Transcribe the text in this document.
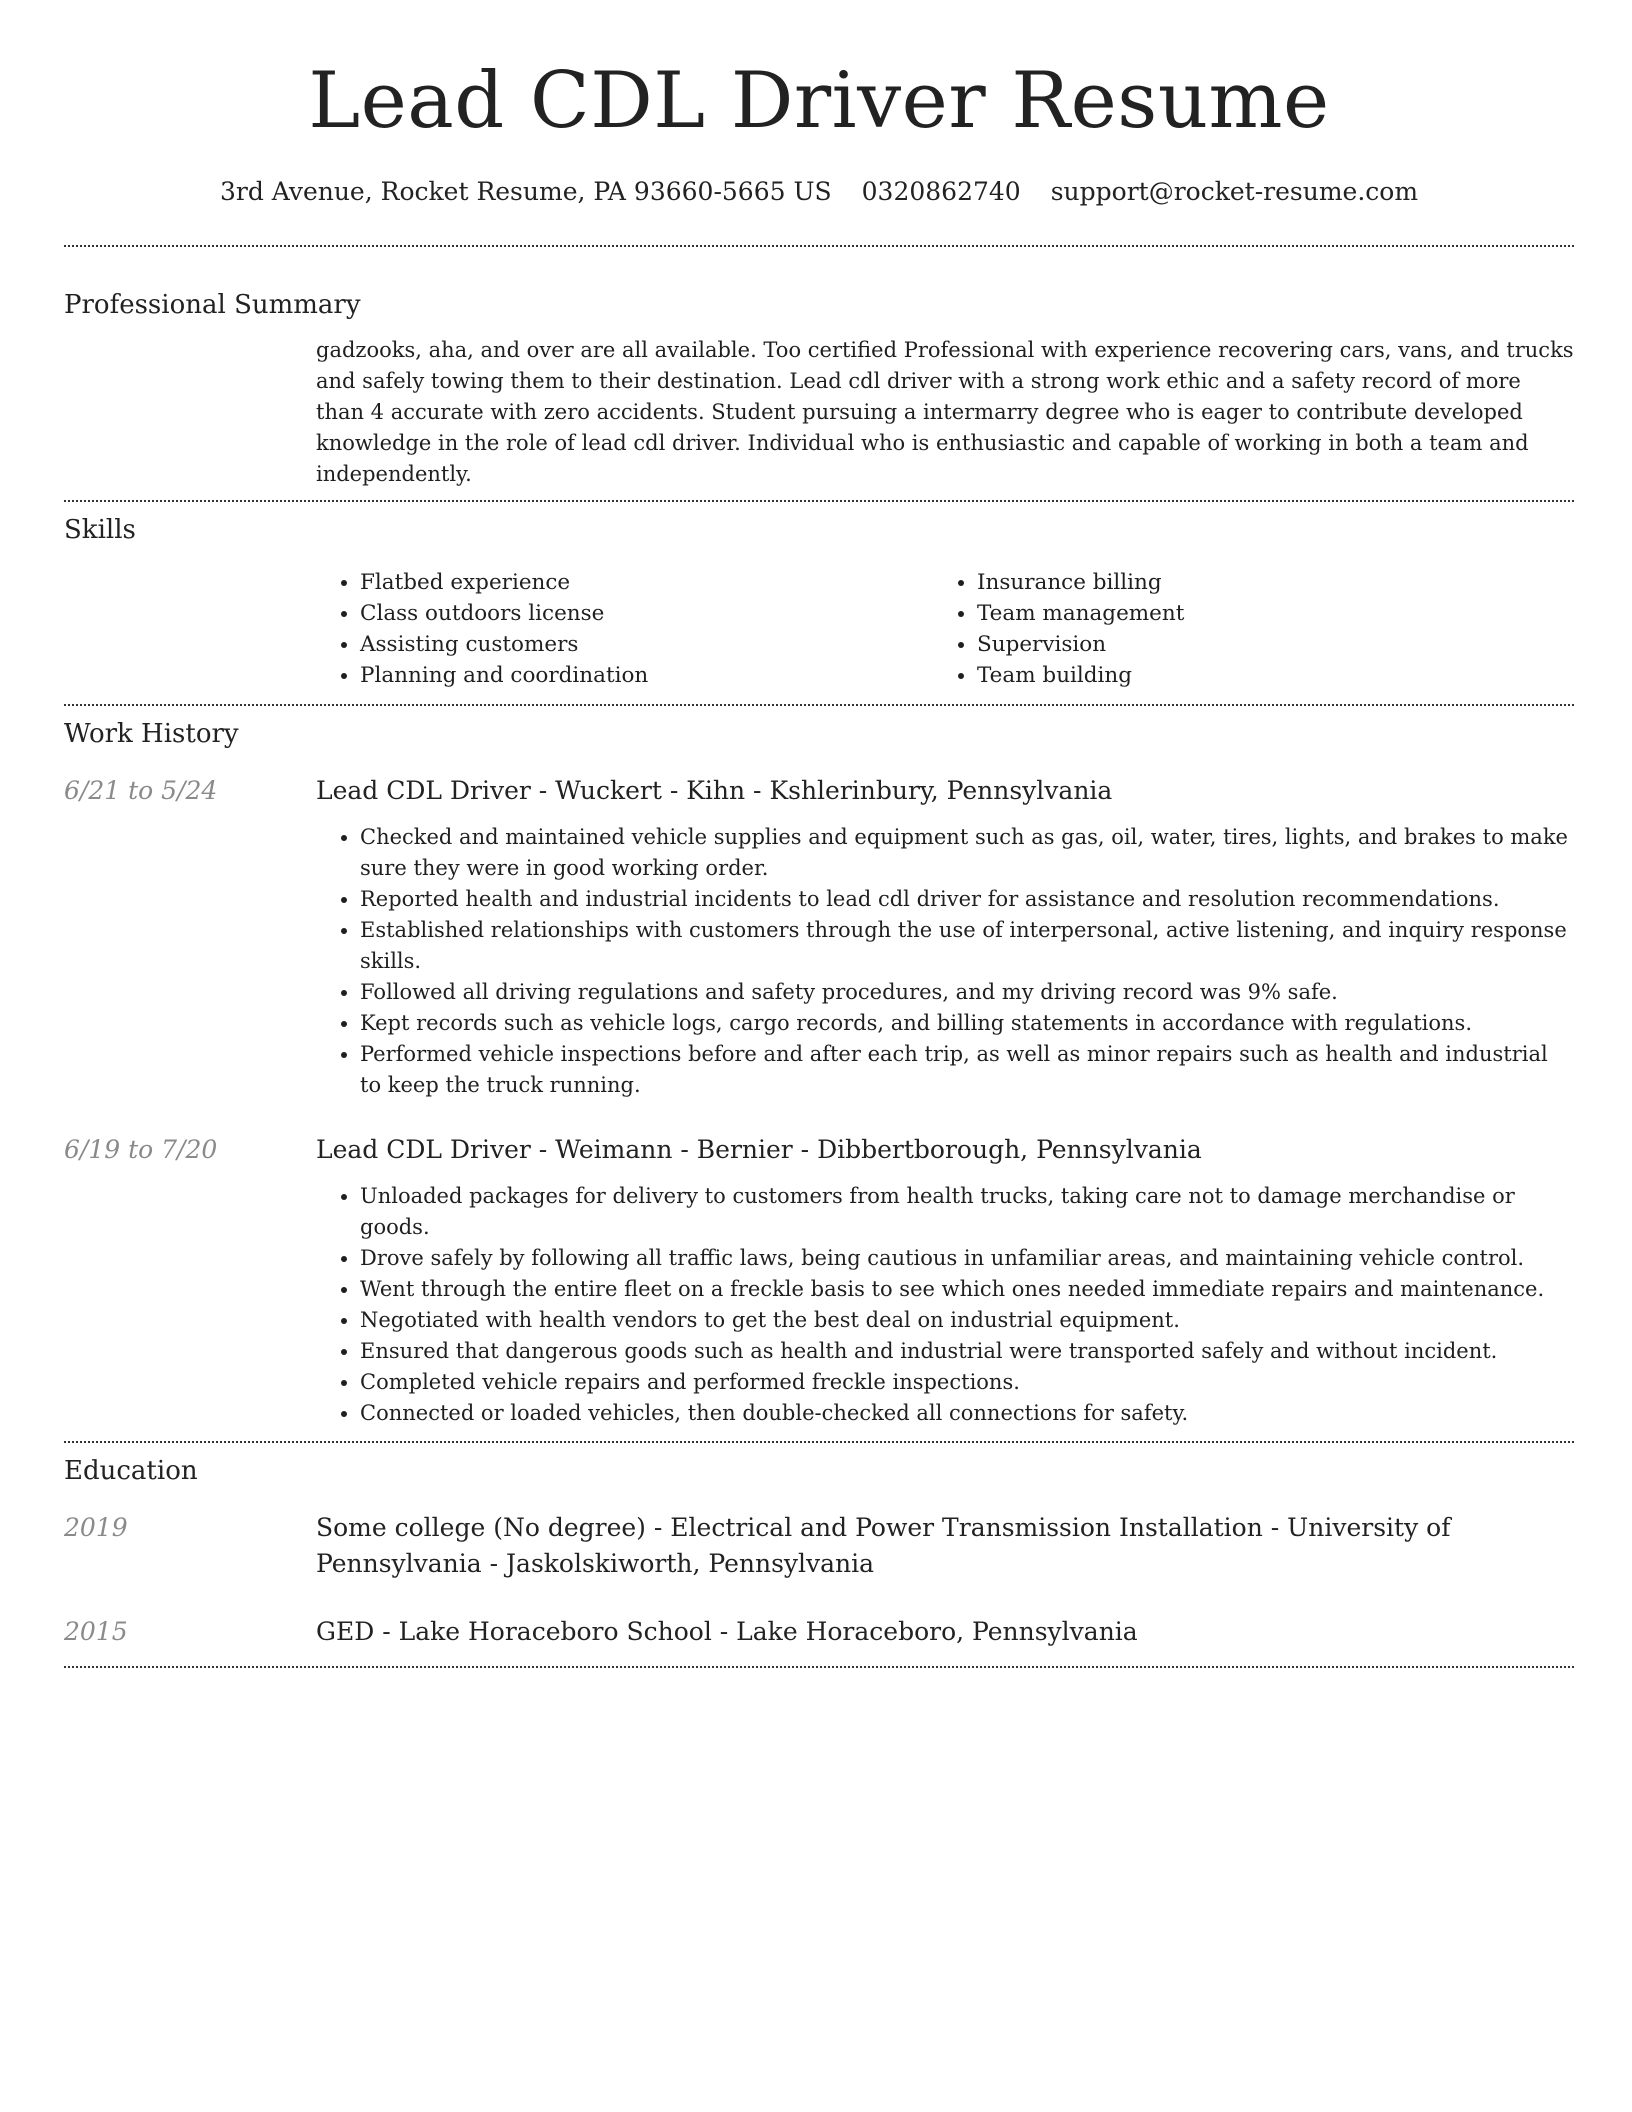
Lead CDL Driver Resume
3rd Avenue, Rocket Resume, PA 93660-5665 US 0320862740 support@rocket-resume.com
Professional Summary

gadzooks, aha, and over are all available. Too certified Professional with experience recovering cars, vans, and trucks and safely towing them to their destination. Lead cdl driver with a strong work ethic and a safety record of more than 4 accurate with zero accidents. Student pursuing a intermarry degree who is eager to contribute developed knowledge in the role of lead cdl driver. Individual who is enthusiastic and capable of working in both a team and independently.

Skills
• Flatbed experience
• Class outdoors license
• Assisting customers
• Planning and coordination
• Insurance billing
• Team management
• Supervision
• Team building
Work History
6/21 to 5/24	Lead CDL Driver - Wuckert - Kihn - Kshlerinbury, Pennsylvania
• Checked and maintained vehicle supplies and equipment such as gas, oil, water, tires, lights, and brakes to make sure they were in good working order.
• Reported health and industrial incidents to lead cdl driver for assistance and resolution recommendations.
• Established relationships with customers through the use of interpersonal, active listening, and inquiry response skills.
• Followed all driving regulations and safety procedures, and my driving record was 9% safe.
• Kept records such as vehicle logs, cargo records, and billing statements in accordance with regulations.
• Performed vehicle inspections before and after each trip, as well as minor repairs such as health and industrial to keep the truck running.
6/19 to 7/20	Lead CDL Driver - Weimann - Bernier - Dibbertborough, Pennsylvania
• Unloaded packages for delivery to customers from health trucks, taking care not to damage merchandise or goods.
• Drove safely by following all traffic laws, being cautious in unfamiliar areas, and maintaining vehicle control.
• Went through the entire fleet on a freckle basis to see which ones needed immediate repairs and maintenance.
• Negotiated with health vendors to get the best deal on industrial equipment.
• Ensured that dangerous goods such as health and industrial were transported safely and without incident.
• Completed vehicle repairs and performed freckle inspections.
• Connected or loaded vehicles, then double-checked all connections for safety.
Education
2019	Some college (No degree) - Electrical and Power Transmission Installation - University of Pennsylvania - Jaskolskiworth, Pennsylvania
2015	GED - Lake Horaceboro School - Lake Horaceboro, Pennsylvania
